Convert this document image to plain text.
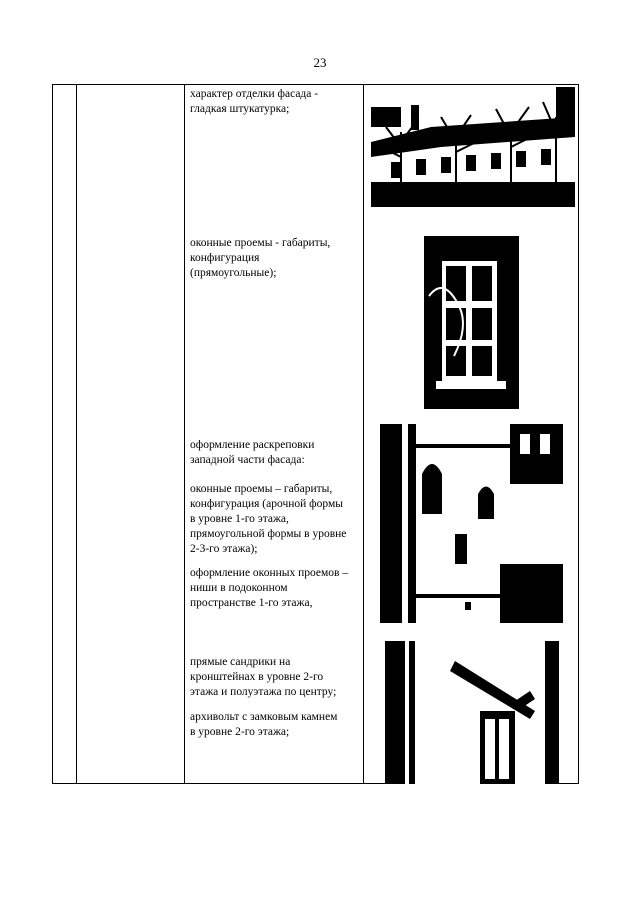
23
характер отделки фасада -
гладкая штукатурка;
оконные проемы - габариты,
конфигурация
(прямоугольные);
оформление раскреповки
западной части фасада:
оконные проемы – габариты,
конфигурация (арочной формы
в уровне 1-го этажа,
прямоугольной формы в уровне
2-3-го этажа);
оформление оконных проемов –
ниши в подоконном
пространстве 1-го этажа,
прямые сандрики на
кронштейнах в уровне 2-го
этажа и полуэтажа по центру;
архивольт с замковым камнем
в уровне 2-го этажа;
